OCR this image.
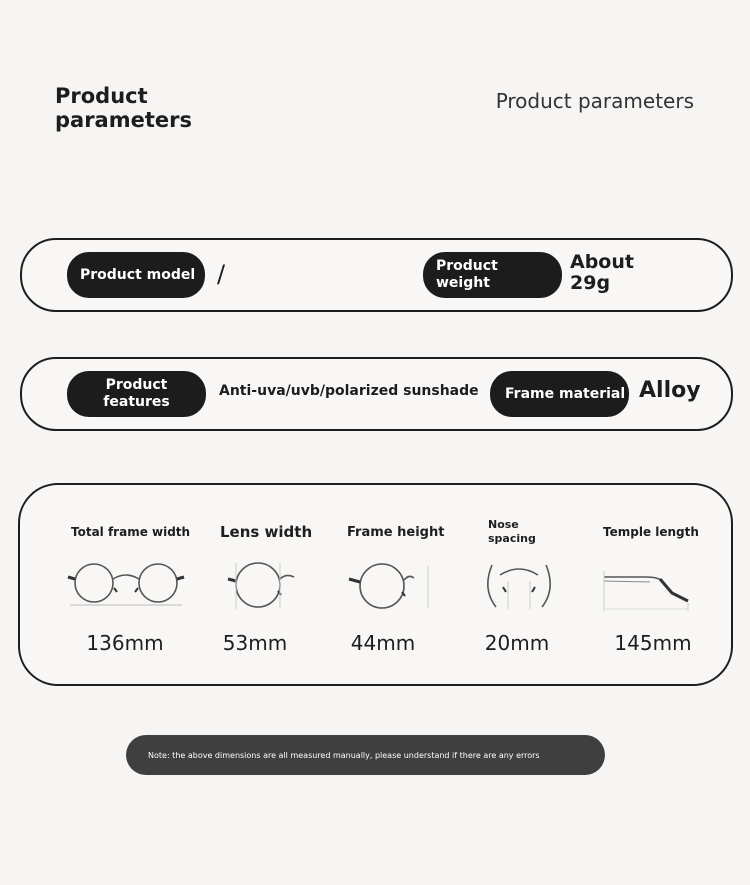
Product parameters
Product parameters
Product model /	Product weight
About 29g
Product features
Anti-uva/uvb/polarized sunshade Frame material Alloy
Total frame width
136mm
Lens width
53mm
Frame height
44mm
Nose spacing
20mm
Temple length
145mm
Note: the above dimensions are all measured manually, please understand if there are any errors
